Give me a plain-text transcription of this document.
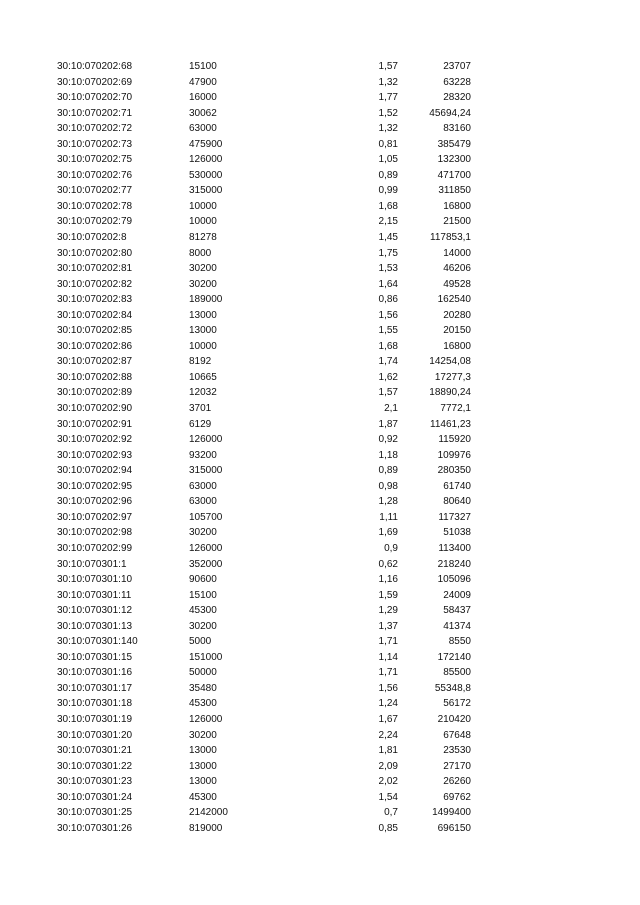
30:10:070202:68	15100		1,57	23707
30:10:070202:69	47900		1,32	63228
30:10:070202:70	16000		1,77	28320
30:10:070202:71	30062		1,52	45694,24
30:10:070202:72	63000		1,32	83160
30:10:070202:73	475900		0,81	385479
30:10:070202:75	126000		1,05	132300
30:10:070202:76	530000		0,89	471700
30:10:070202:77	315000		0,99	311850
30:10:070202:78	10000		1,68	16800
30:10:070202:79	10000		2,15	21500
30:10:070202:8	81278		1,45	117853,1
30:10:070202:80	8000		1,75	14000
30:10:070202:81	30200		1,53	46206
30:10:070202:82	30200		1,64	49528
30:10:070202:83	189000		0,86	162540
30:10:070202:84	13000		1,56	20280
30:10:070202:85	13000		1,55	20150
30:10:070202:86	10000		1,68	16800
30:10:070202:87	8192		1,74	14254,08
30:10:070202:88	10665		1,62	17277,3
30:10:070202:89	12032		1,57	18890,24
30:10:070202:90	3701		2,1	7772,1
30:10:070202:91	6129		1,87	11461,23
30:10:070202:92	126000		0,92	115920
30:10:070202:93	93200		1,18	109976
30:10:070202:94	315000		0,89	280350
30:10:070202:95	63000		0,98	61740
30:10:070202:96	63000		1,28	80640
30:10:070202:97	105700		1,11	117327
30:10:070202:98	30200		1,69	51038
30:10:070202:99	126000		0,9	113400
30:10:070301:1	352000		0,62	218240
30:10:070301:10	90600		1,16	105096
30:10:070301:11	15100		1,59	24009
30:10:070301:12	45300		1,29	58437
30:10:070301:13	30200		1,37	41374
30:10:070301:140	5000		1,71	8550
30:10:070301:15	151000		1,14	172140
30:10:070301:16	50000		1,71	85500
30:10:070301:17	35480		1,56	55348,8
30:10:070301:18	45300		1,24	56172
30:10:070301:19	126000		1,67	210420
30:10:070301:20	30200		2,24	67648
30:10:070301:21	13000		1,81	23530
30:10:070301:22	13000		2,09	27170
30:10:070301:23	13000		2,02	26260
30:10:070301:24	45300		1,54	69762
30:10:070301:25	2142000		0,7	1499400
30:10:070301:26	819000		0,85	696150
